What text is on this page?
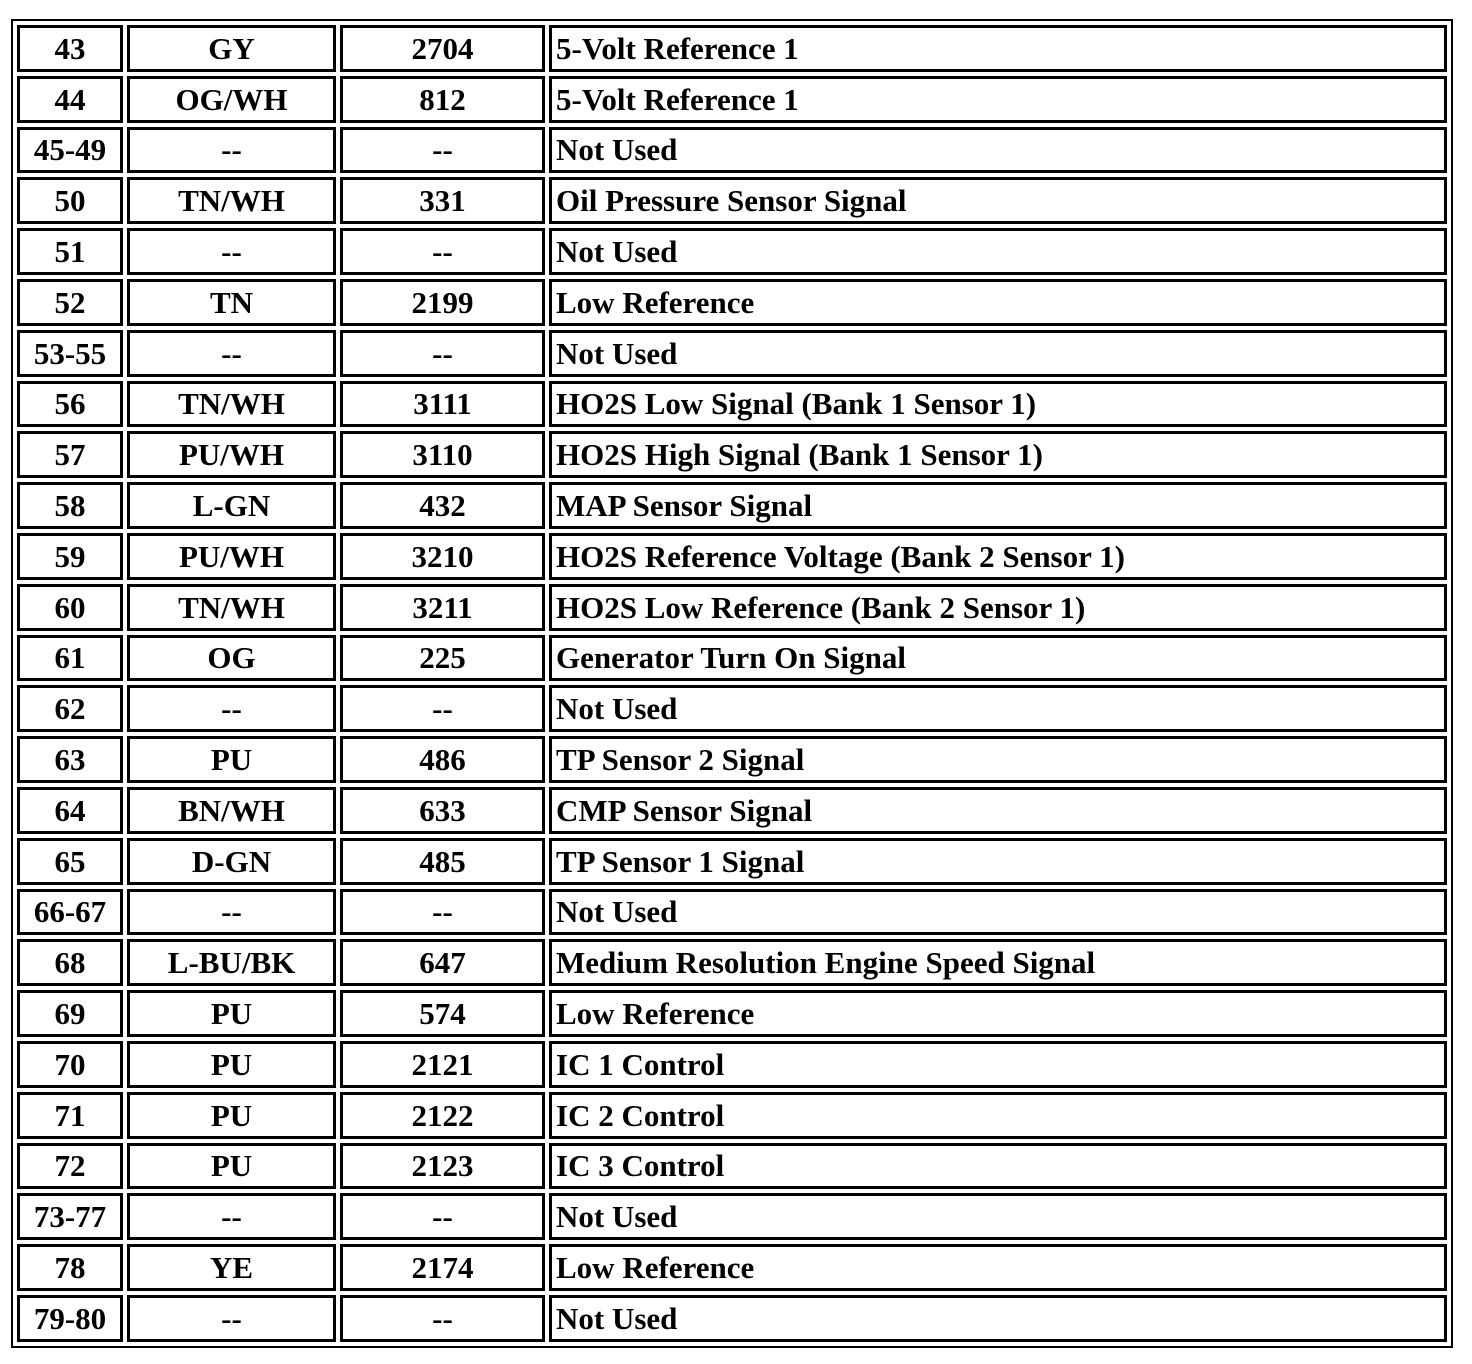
43	GY	2704	5-Volt Reference 1
44	OG/WH	812	5-Volt Reference 1
45-49	--	--	Not Used
50	TN/WH	331	Oil Pressure Sensor Signal
51	--	--	Not Used
52	TN	2199	Low Reference
53-55	--	--	Not Used
56	TN/WH	3111	HO2S Low Signal (Bank 1 Sensor 1)
57	PU/WH	3110	HO2S High Signal (Bank 1 Sensor 1)
58	L-GN	432	MAP Sensor Signal
59	PU/WH	3210	HO2S Reference Voltage (Bank 2 Sensor 1)
60	TN/WH	3211	HO2S Low Reference (Bank 2 Sensor 1)
61	OG	225	Generator Turn On Signal
62	--	--	Not Used
63	PU	486	TP Sensor 2 Signal
64	BN/WH	633	CMP Sensor Signal
65	D-GN	485	TP Sensor 1 Signal
66-67	--	--	Not Used
68	L-BU/BK	647	Medium Resolution Engine Speed Signal
69	PU	574	Low Reference
70	PU	2121	IC 1 Control
71	PU	2122	IC 2 Control
72	PU	2123	IC 3 Control
73-77	--	--	Not Used
78	YE	2174	Low Reference
79-80	--	--	Not Used
